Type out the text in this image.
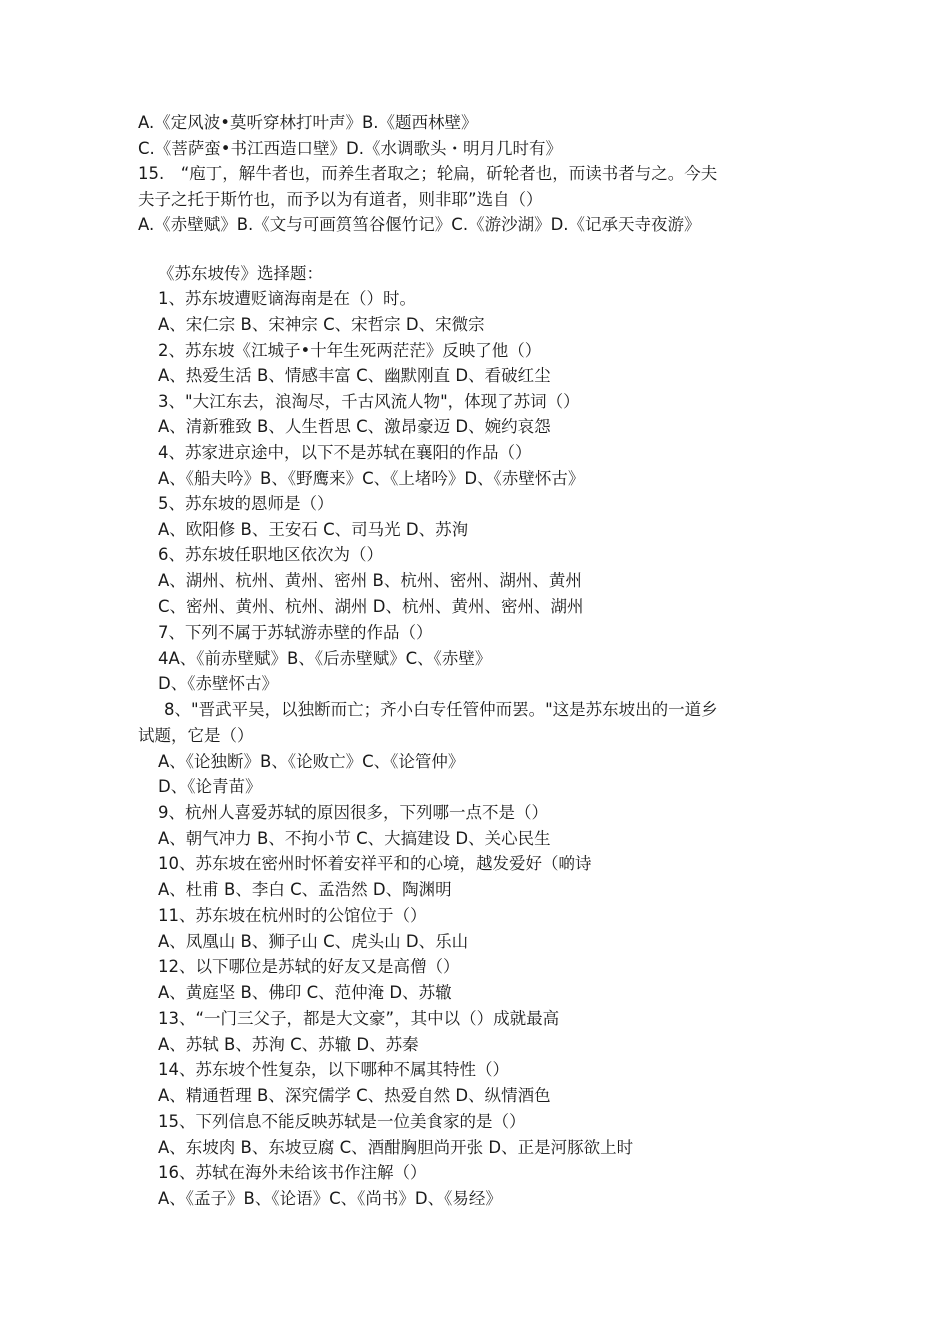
A.《定风波•莫听穿林打叶声》B.《题西林壁》
C.《菩萨蛮•书江西造口壁》D.《水调歌头・明月几时有》
15.　“庖丁，解牛者也，而养生者取之；轮扁，斫轮者也，而读书者与之。今夫
夫子之托于斯竹也，而予以为有道者，则非耶”选自（）
A.《赤壁赋》B.《文与可画筼筜谷偃竹记》C.《游沙湖》D.《记承天寺夜游》
《苏东坡传》选择题：
1、苏东坡遭贬谪海南是在（）时。
A、宋仁宗 B、宋神宗 C、宋哲宗 D、宋微宗
2、苏东坡《江城子•十年生死两茫茫》反映了他（）
A、热爱生活 B、情感丰富 C、幽默刚直 D、看破红尘
3、"大江东去，浪淘尽，千古风流人物"，体现了苏词（）
A、清新雅致 B、人生哲思 C、激昂豪迈 D、婉约哀怨
4、苏家进京途中，以下不是苏轼在襄阳的作品（）
A、《船夫吟》B、《野鹰来》C、《上堵吟》D、《赤壁怀古》
5、苏东坡的恩师是（）
A、欧阳修 B、王安石 C、司马光 D、苏洵
6、苏东坡任职地区依次为（）
A、湖州、杭州、黄州、密州 B、杭州、密州、湖州、黄州
C、密州、黄州、杭州、湖州 D、杭州、黄州、密州、湖州
7、下列不属于苏轼游赤壁的作品（）
4A、《前赤壁赋》B、《后赤壁赋》C、《赤壁》
D、《赤壁怀古》
8、"晋武平吴，以独断而亡；齐小白专任管仲而罢。"这是苏东坡出的一道乡
试题，它是（）
A、《论独断》B、《论败亡》C、《论管仲》
D、《论青苗》
9、杭州人喜爱苏轼的原因很多，下列哪一点不是（）
A、朝气冲力 B、不拘小节 C、大搞建设 D、关心民生
10、苏东坡在密州时怀着安祥平和的心境，越发爱好（啲诗
A、杜甫 B、李白 C、孟浩然 D、陶渊明
11、苏东坡在杭州时的公馆位于（）
A、凤凰山 B、狮子山 C、虎头山 D、乐山
12、以下哪位是苏轼的好友又是高僧（）
A、黄庭坚 B、佛印 C、范仲淹 D、苏辙
13、“一门三父子，都是大文豪”，其中以（）成就最高
A、苏轼 B、苏洵 C、苏辙 D、苏秦
14、苏东坡个性复杂，以下哪种不属其特性（）
A、精通哲理 B、深究儒学 C、热爱自然 D、纵情酒色
15、下列信息不能反映苏轼是一位美食家的是（）
A、东坡肉 B、东坡豆腐 C、酒酣胸胆尚开张 D、正是河豚欲上时
16、苏轼在海外未给该书作注解（）
A、《孟子》B、《论语》C、《尚书》D、《易经》
